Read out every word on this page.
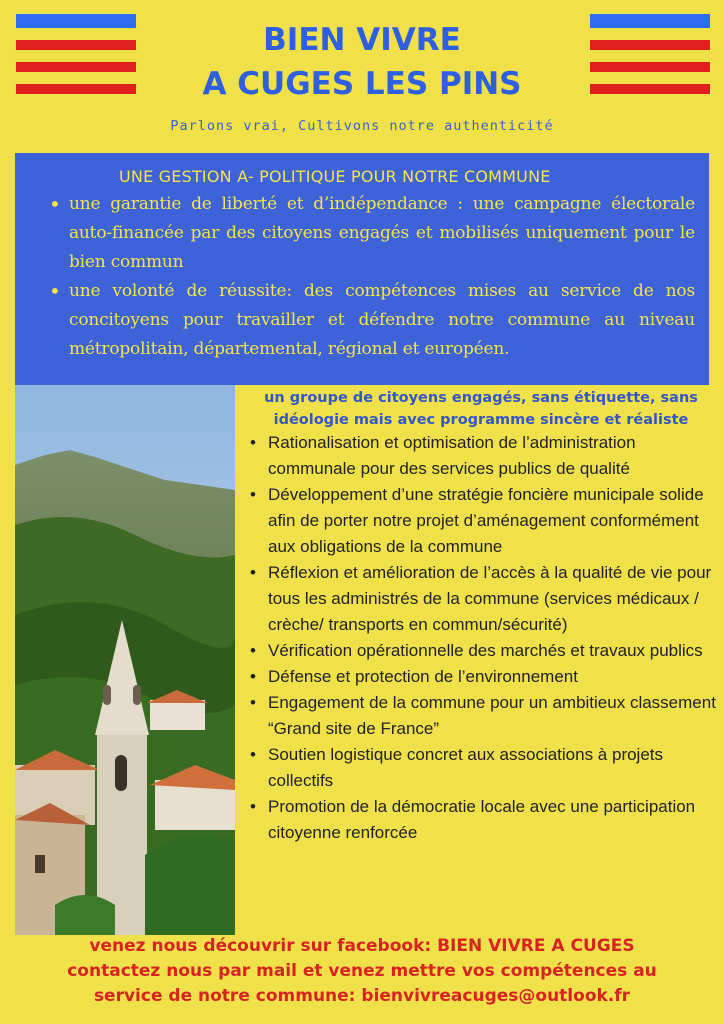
BIEN VIVRE
A CUGES LES PINS
Parlons vrai, Cultivons notre authenticité
UNE GESTION A- POLITIQUE POUR NOTRE COMMUNE
• une garantie de liberté et d’indépendance : une campagne électorale auto-financée par des citoyens engagés et mobilisés uniquement pour le bien commun
• une volonté de réussite: des compétences mises au service de nos concitoyens pour travailler et défendre notre commune au niveau métropolitain, départemental, régional et européen.
un groupe de citoyens engagés, sans étiquette, sans idéologie mais avec programme sincère et réaliste
• Rationalisation et optimisation de l’administration communale pour des services publics de qualité
• Développement d’une stratégie foncière municipale solide afin de porter notre projet d’aménagement conformément aux obligations de la commune
• Réflexion et amélioration de l’accès à la qualité de vie pour tous les administrés de la commune (services médicaux / crèche/ transports en commun/sécurité)
• Vérification opérationnelle des marchés et travaux publics
• Défense et protection de l’environnement
• Engagement de la commune pour un ambitieux classement “Grand site de France”
• Soutien logistique concret aux associations à projets collectifs
• Promotion de la démocratie locale avec une participation citoyenne renforcée
venez nous découvrir sur facebook: BIEN VIVRE A CUGES
contactez nous par mail et venez mettre vos compétences au
service de notre commune: bienvivreacuges@outlook.fr
